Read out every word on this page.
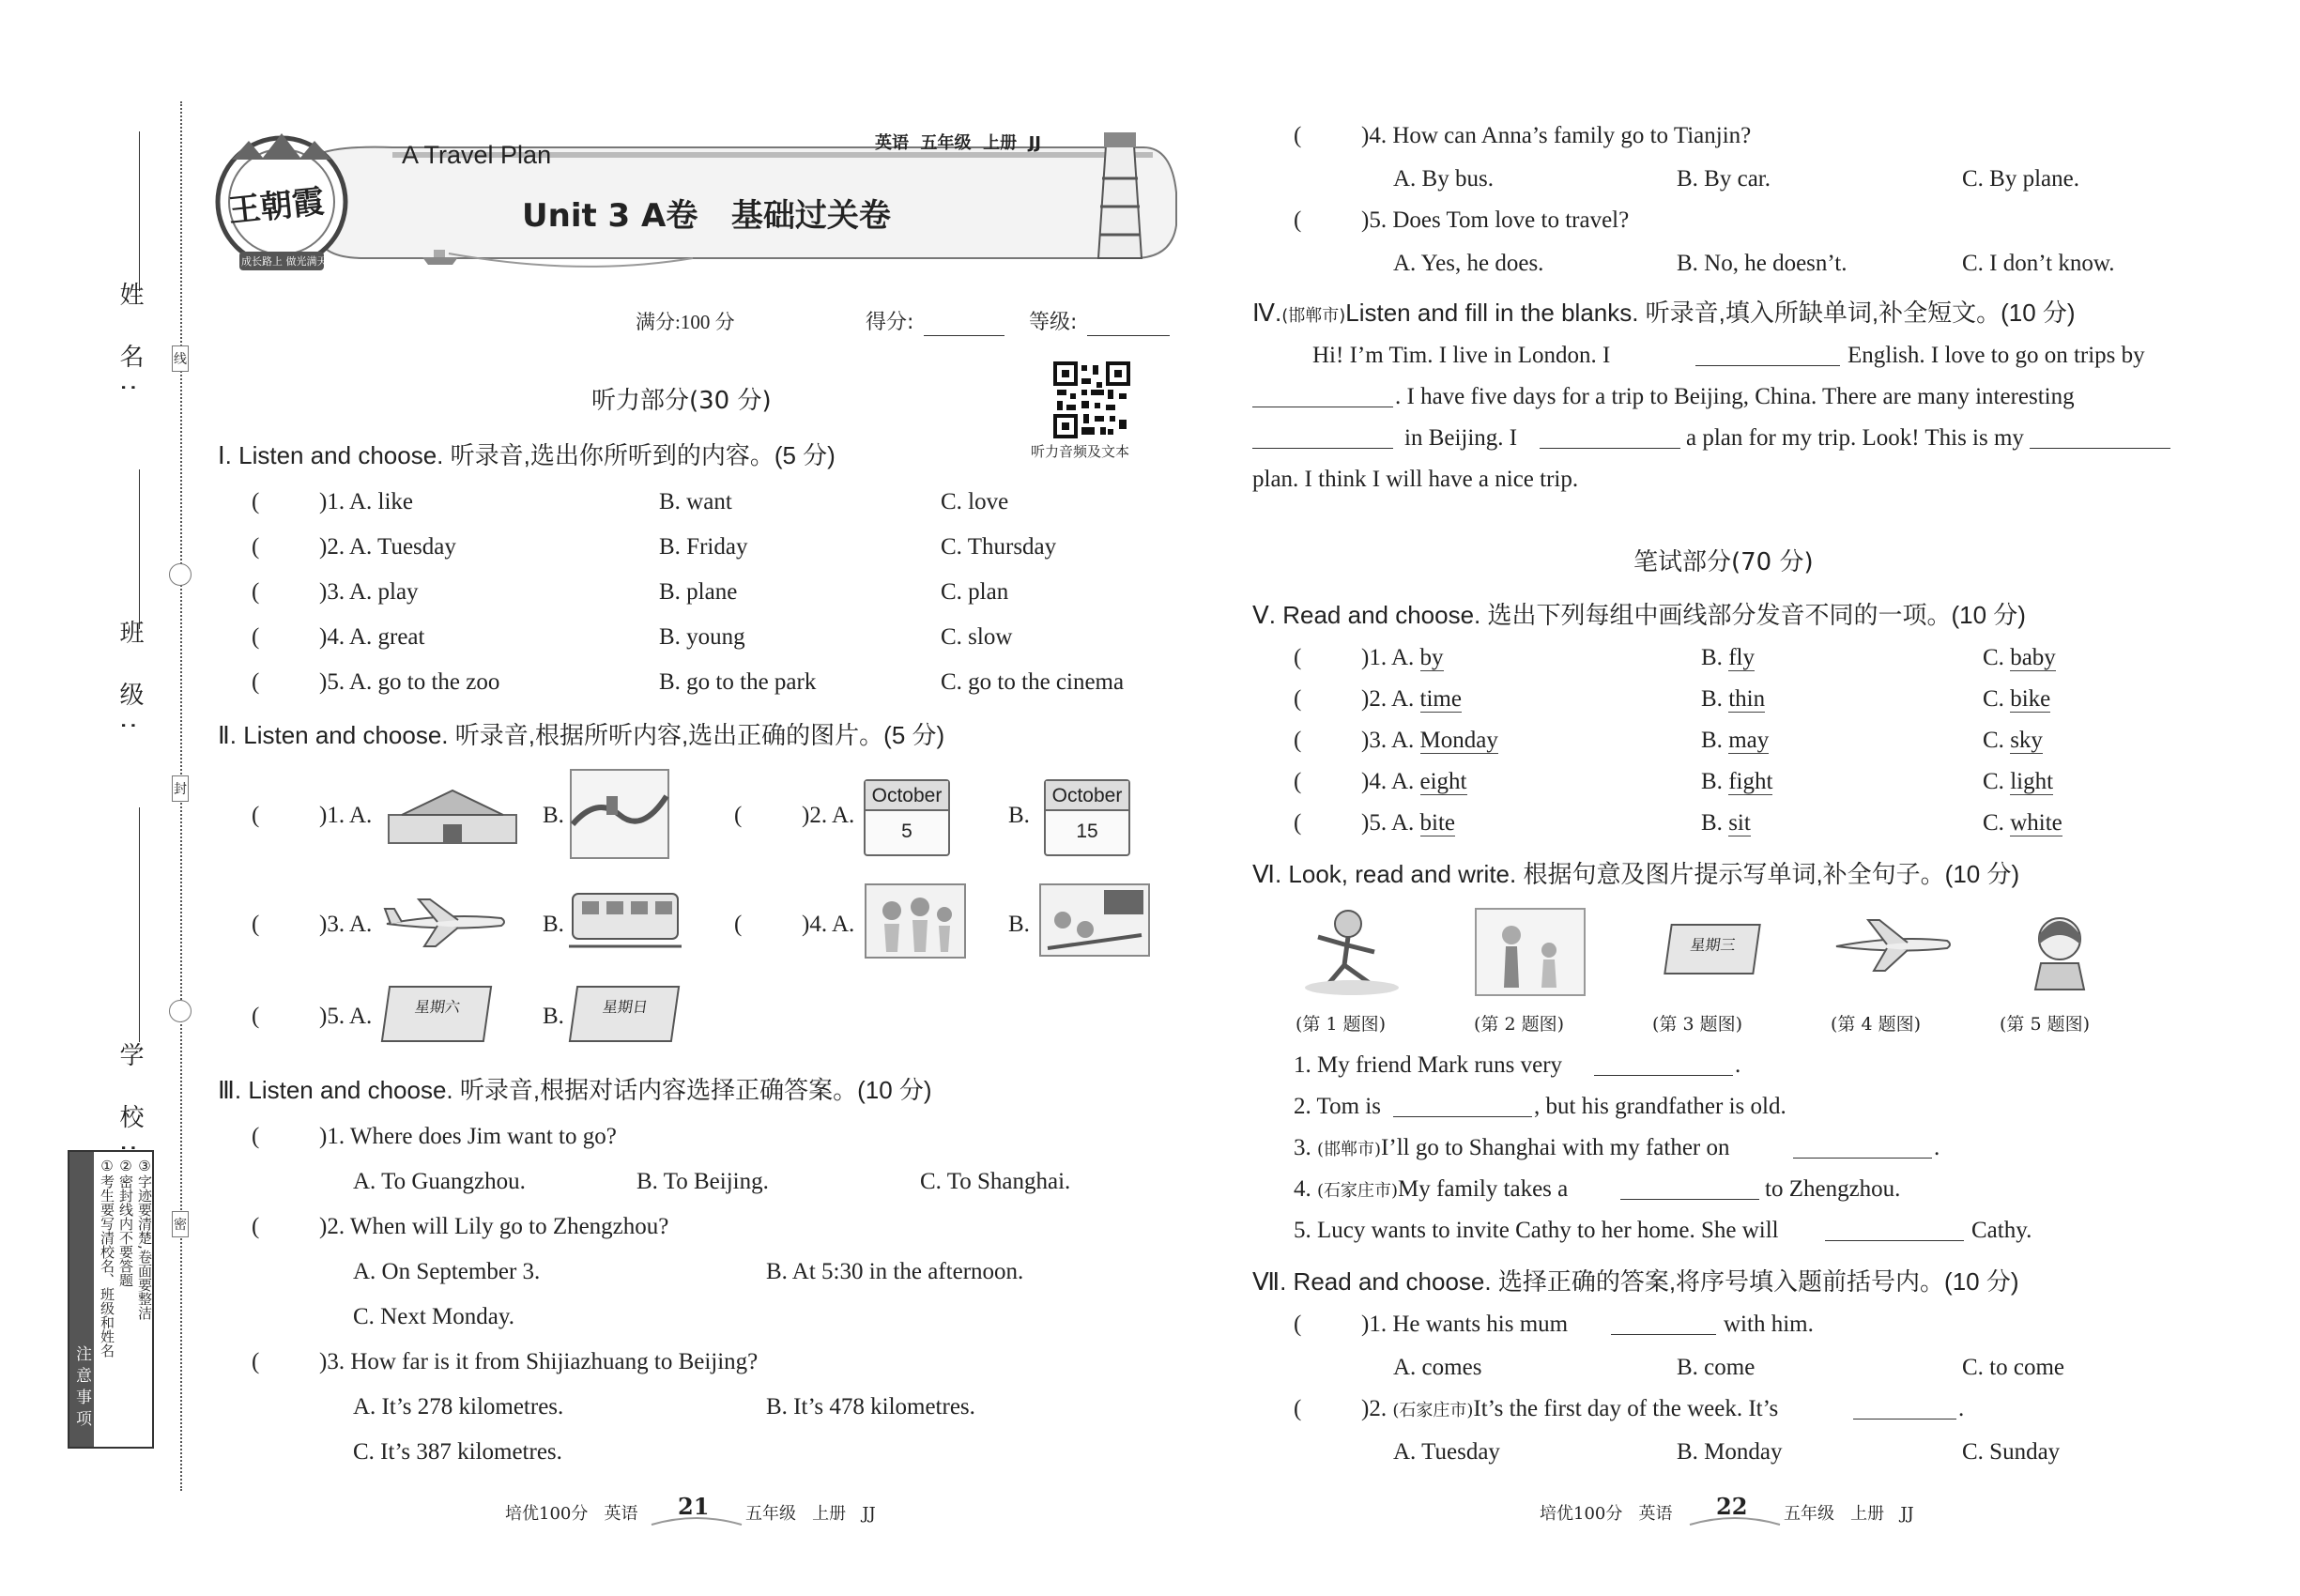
线
封
密
姓 名:
班 级:
学 校:
注意事项
①考生要写清校名、班级和姓名 ②密封线内不要答题 ③字迹要清楚,卷面要整洁
王朝霞
成长路上 做光满天
A Travel Plan	英语  五年级  上册  JJ
Unit 3 A卷   基础过关卷
满分:100 分	得分:	等级:
听力音频及文本
听力部分(30 分)
Ⅰ. Listen and choose. 听录音,选出你所听到的内容。(5 分)
(	)1. A. like	B. want	C. love
(	)2. A. Tuesday	B. Friday	C. Thursday
(	)3. A. play	B. plane	C. plan
(	)4. A. great	B. young	C. slow
(	)5. A. go to the zoo	B. go to the park	C. go to the cinema
Ⅱ. Listen and choose. 听录音,根据所听内容,选出正确的图片。(5 分)
(	)1. A.	B.	(	)2. A.
October
5
B.
October
15
(	)3. A.	B.	(	)4. A.	B.
(	)5. A.	星期六	B.	星期日
Ⅲ. Listen and choose. 听录音,根据对话内容选择正确答案。(10 分)
(	)1. Where does Jim want to go?
A. To Guangzhou.	B. To Beijing.	C. To Shanghai.
(	)2. When will Lily go to Zhengzhou?
A. On September 3.	B. At 5:30 in the afternoon.
C. Next Monday.
(	)3. How far is it from Shijiazhuang to Beijing?
A. It’s 278 kilometres.	B. It’s 478 kilometres.
C. It’s 387 kilometres.
培优100分   英语 21 五年级   上册   JJ
(	)4. How can Anna’s family go to Tianjin?
A. By bus.	B. By car.	C. By plane.
(	)5. Does Tom love to travel?
A. Yes, he does.	B. No, he doesn’t.	C. I don’t know.
Ⅳ.(邯郸市)Listen and fill in the blanks. 听录音,填入所缺单词,补全短文。(10 分)
Hi! I’m Tim. I live in London. I	English. I love to go on trips by
. I have five days for a trip to Beijing, China. There are many interesting
in Beijing. I	a plan for my trip. Look! This is my
plan. I think I will have a nice trip.
笔试部分(70 分)
Ⅴ. Read and choose. 选出下列每组中画线部分发音不同的一项。(10 分)
(	)1. A. by	B. fly	C. baby
(	)2. A. time	B. thin	C. bike
(	)3. A. Monday	B. may	C. sky
(	)4. A. eight	B. fight	C. light
(	)5. A. bite	B. sit	C. white
Ⅵ. Look, read and write. 根据句意及图片提示写单词,补全句子。(10 分)
星期三
(第 1 题图)	(第 2 题图)	(第 3 题图)	(第 4 题图)	(第 5 题图)
1. My friend Mark runs very	.
2. Tom is	, but his grandfather is old.
3. (邯郸市)I’ll go to Shanghai with my father on	.
4. (石家庄市)My family takes a	to Zhengzhou.
5. Lucy wants to invite Cathy to her home. She will	Cathy.
Ⅶ. Read and choose. 选择正确的答案,将序号填入题前括号内。(10 分)
(	)1. He wants his mum	with him.
A. comes	B. come	C. to come
(	)2. (石家庄市)It’s the first day of the week. It’s	.
A. Tuesday	B. Monday	C. Sunday
培优100分   英语 22 五年级   上册   JJ
